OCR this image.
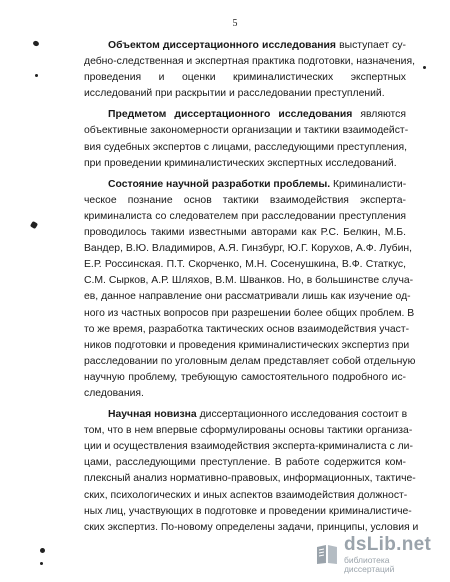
5
Объектом диссертационного исследования выступает су-
дебно-следственная и экспертная практика подготовки, назначения,
проведения и оценки криминалистических экспертных
исследований при раскрытии и расследовании преступлений.
Предметом диссертационного исследования являются
объективные закономерности организации и тактики взаимодейст-
вия судебных экспертов с лицами, расследующими преступления,
при проведении криминалистических экспертных исследований.
Состояние научной разработки проблемы. Криминалисти-
ческое познание основ тактики взаимодействия эксперта-
криминалиста со следователем при расследовании преступления
проводилось такими известными авторами как Р.С. Белкин, М.Б.
Вандер, В.Ю. Владимиров, А.Я. Гинзбург, Ю.Г. Корухов, А.Ф. Лубин,
Е.Р. Россинская. П.Т. Скорченко, М.Н. Сосенушкина, В.Ф. Статкус,
С.М. Сырков, А.Р. Шляхов, В.М. Шванков. Но, в большинстве случа-
ев, данное направление они рассматривали лишь как изучение од-
ного из частных вопросов при разрешении более общих проблем. В
то же время, разработка тактических основ взаимодействия участ-
ников подготовки и проведения криминалистических экспертиз при
расследовании по уголовным делам представляет собой отдельную
научную проблему, требующую самостоятельного подробного ис-
следования.
Научная новизна диссертационного исследования состоит в
том, что в нем впервые сформулированы основы тактики организа-
ции и осуществления взаимодействия эксперта-криминалиста с ли-
цами, расследующими преступление. В работе содержится ком-
плексный анализ нормативно-правовых, информационных, тактиче-
ских, психологических и иных аспектов взаимодействия должност-
ных лиц, участвующих в подготовке и проведении криминалистиче-
ских экспертиз. По-новому определены задачи, принципы, условия и
dsLib.net
библиотека диссертаций
